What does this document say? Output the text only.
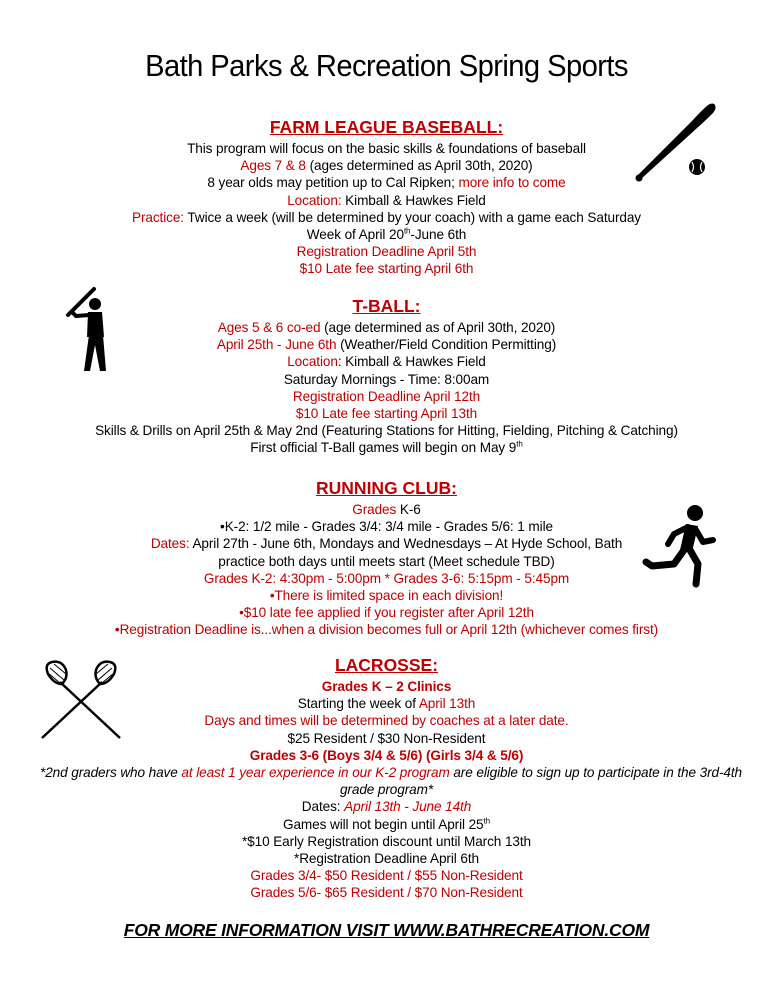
Bath Parks & Recreation Spring Sports
FARM LEAGUE BASEBALL:
This program will focus on the basic skills & foundations of baseball
Ages 7 & 8 (ages determined as April 30th, 2020)
8 year olds may petition up to Cal Ripken; more info to come
Location: Kimball & Hawkes Field
Practice: Twice a week (will be determined by your coach) with a game each Saturday
Week of April 20th-June 6th
Registration Deadline April 5th
$10 Late fee starting April 6th
T-BALL:
Ages 5 & 6 co-ed (age determined as of April 30th, 2020)
April 25th - June 6th (Weather/Field Condition Permitting)
Location: Kimball & Hawkes Field
Saturday Mornings - Time: 8:00am
Registration Deadline April 12th
$10 Late fee starting April 13th
Skills & Drills on April 25th & May 2nd (Featuring Stations for Hitting, Fielding, Pitching & Catching)
First official T-Ball games will begin on May 9th
RUNNING CLUB:
Grades K-6
•K-2: 1/2 mile - Grades 3/4: 3/4 mile - Grades 5/6: 1 mile
Dates: April 27th - June 6th, Mondays and Wednesdays – At Hyde School, Bath
practice both days until meets start (Meet schedule TBD)
Grades K-2: 4:30pm - 5:00pm * Grades 3-6: 5:15pm - 5:45pm
•There is limited space in each division!
•$10 late fee applied if you register after April 12th
•Registration Deadline is...when a division becomes full or April 12th (whichever comes first)
LACROSSE:
Grades K – 2 Clinics
Starting the week of April 13th
Days and times will be determined by coaches at a later date.
$25 Resident / $30 Non-Resident
Grades 3-6 (Boys 3/4 & 5/6) (Girls 3/4 & 5/6)
*2nd graders who have at least 1 year experience in our K-2 program are eligible to sign up to participate in the 3rd-4th
grade program*
Dates: April 13th - June 14th
Games will not begin until April 25th
*$10 Early Registration discount until March 13th
*Registration Deadline April 6th
Grades 3/4- $50 Resident / $55 Non-Resident
Grades 5/6- $65 Resident / $70 Non-Resident
FOR MORE INFORMATION VISIT WWW.BATHRECREATION.COM
